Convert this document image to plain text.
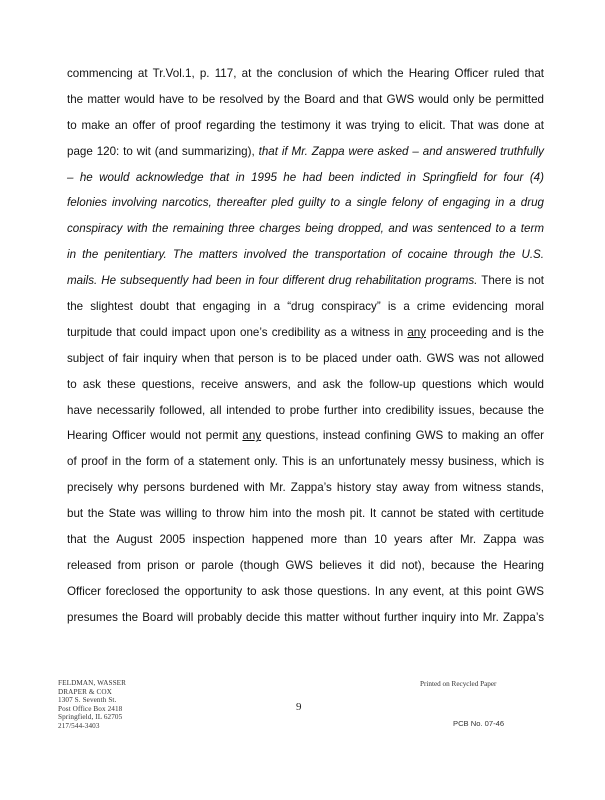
commencing at Tr.Vol.1, p. 117, at the conclusion of which the Hearing Officer ruled that
the matter would have to be resolved by the Board and that GWS would only be permitted
to make an offer of proof regarding the testimony it was trying to elicit. That was done at
page 120: to wit (and summarizing), that if Mr. Zappa were asked – and answered truthfully
– he would acknowledge that in 1995 he had been indicted in Springfield for four (4)
felonies involving narcotics, thereafter pled guilty to a single felony of engaging in a drug
conspiracy with the remaining three charges being dropped, and was sentenced to a term
in the penitentiary. The matters involved the transportation of cocaine through the U.S.
mails. He subsequently had been in four different drug rehabilitation programs. There is not
the slightest doubt that engaging in a “drug conspiracy” is a crime evidencing moral
turpitude that could impact upon one’s credibility as a witness in any proceeding and is the
subject of fair inquiry when that person is to be placed under oath. GWS was not allowed
to ask these questions, receive answers, and ask the follow-up questions which would
have necessarily followed, all intended to probe further into credibility issues, because the
Hearing Officer would not permit any questions, instead confining GWS to making an offer
of proof in the form of a statement only. This is an unfortunately messy business, which is
precisely why persons burdened with Mr. Zappa’s history stay away from witness stands,
but the State was willing to throw him into the mosh pit. It cannot be stated with certitude
that the August 2005 inspection happened more than 10 years after Mr. Zappa was
released from prison or parole (though GWS believes it did not), because the Hearing
Officer foreclosed the opportunity to ask those questions. In any event, at this point GWS
presumes the Board will probably decide this matter without further inquiry into Mr. Zappa’s
FELDMAN, WASSER
DRAPER & COX
1307 S. Seventh St.
Post Office Box 2418
Springfield, IL 62705
217/544-3403
9
Printed on Recycled Paper
PCB No. 07-46
